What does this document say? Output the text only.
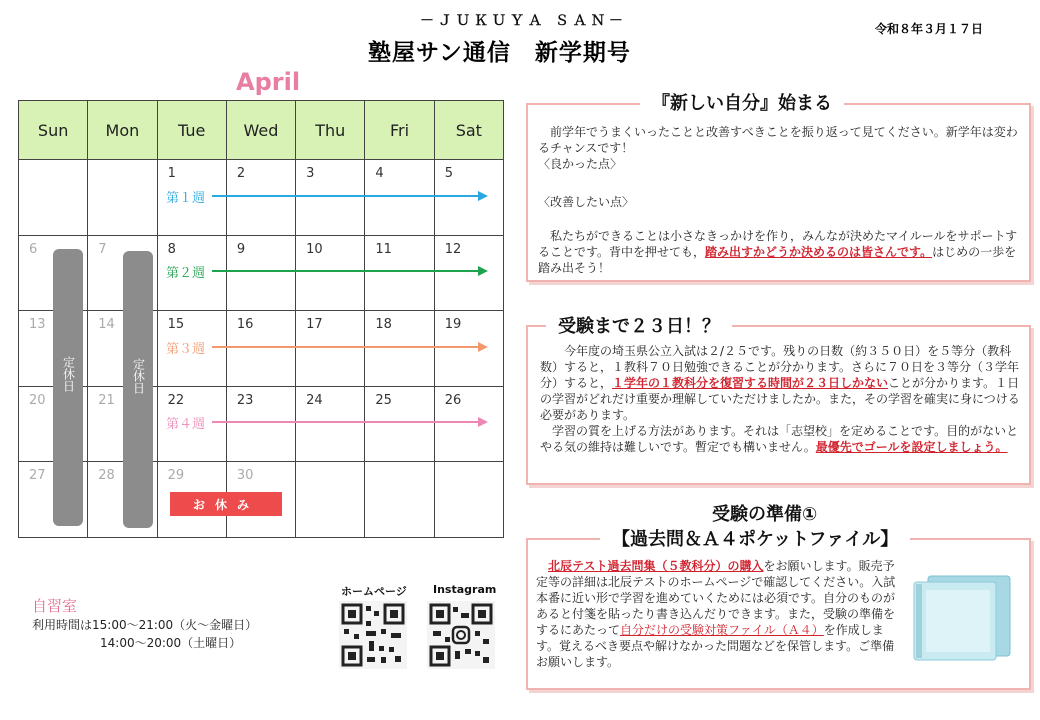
－ＪＵＫＵＹＡ ＳＡＮ－
塾屋サン通信　新学期号
令和８年３月１７日
April
Sun	Mon	Tue	Wed	Thu	Fri	Sat

		1	2	3	4	5

6	7	8	9	10	11	12

13	14	15	16	17	18	19

20	21	22	23	24	25	26

27	28	29	30			

第１週
第２週
第３週
第４週
定休日	定休日
お休み
自習室
利用時間は15:00～21:00（火～金曜日）
14:00～20:00（土曜日）
ホームページ Instagram
『新しい自分』始まる
前学年でうまくいったことと改善すべきことを振り返って見てください。新学年は変わるチャンスです！
〈良かった点〉
〈改善したい点〉
私たちができることは小さなきっかけを作り，みんなが決めたマイルールをサポートすることです。背中を押せても，踏み出すかどうか決めるのは皆さんです。はじめの一歩を踏み出そう！
受験まで２３日！？
今年度の埼玉県公立入試は２/２５です。残りの日数（約３５０日）を５等分（教科数）すると，１教科７０日勉強できることが分かります。さらに７０日を３等分（３学年分）すると，１学年の１教科分を復習する時間が２３日しかないことが分かります。１日の学習がどれだけ重要か理解していただけましたか。また，その学習を確実に身につける必要があります。
学習の質を上げる方法があります。それは「志望校」を定めることです。目的がないとやる気の維持は難しいです。暫定でも構いません。最優先でゴールを設定しましょう。
受験の準備①
【過去問＆Ａ４ポケットファイル】
北辰テスト過去問集（５教科分）の購入をお願いします。販売予定等の詳細は北辰テストのホームページで確認してください。入試本番に近い形で学習を進めていくためには必須です。自分のものがあると付箋を貼ったり書き込んだりできます。また，受験の準備をするにあたって自分だけの受験対策ファイル（Ａ４）を作成します。覚えるべき要点や解けなかった問題などを保管します。ご準備お願いします。
